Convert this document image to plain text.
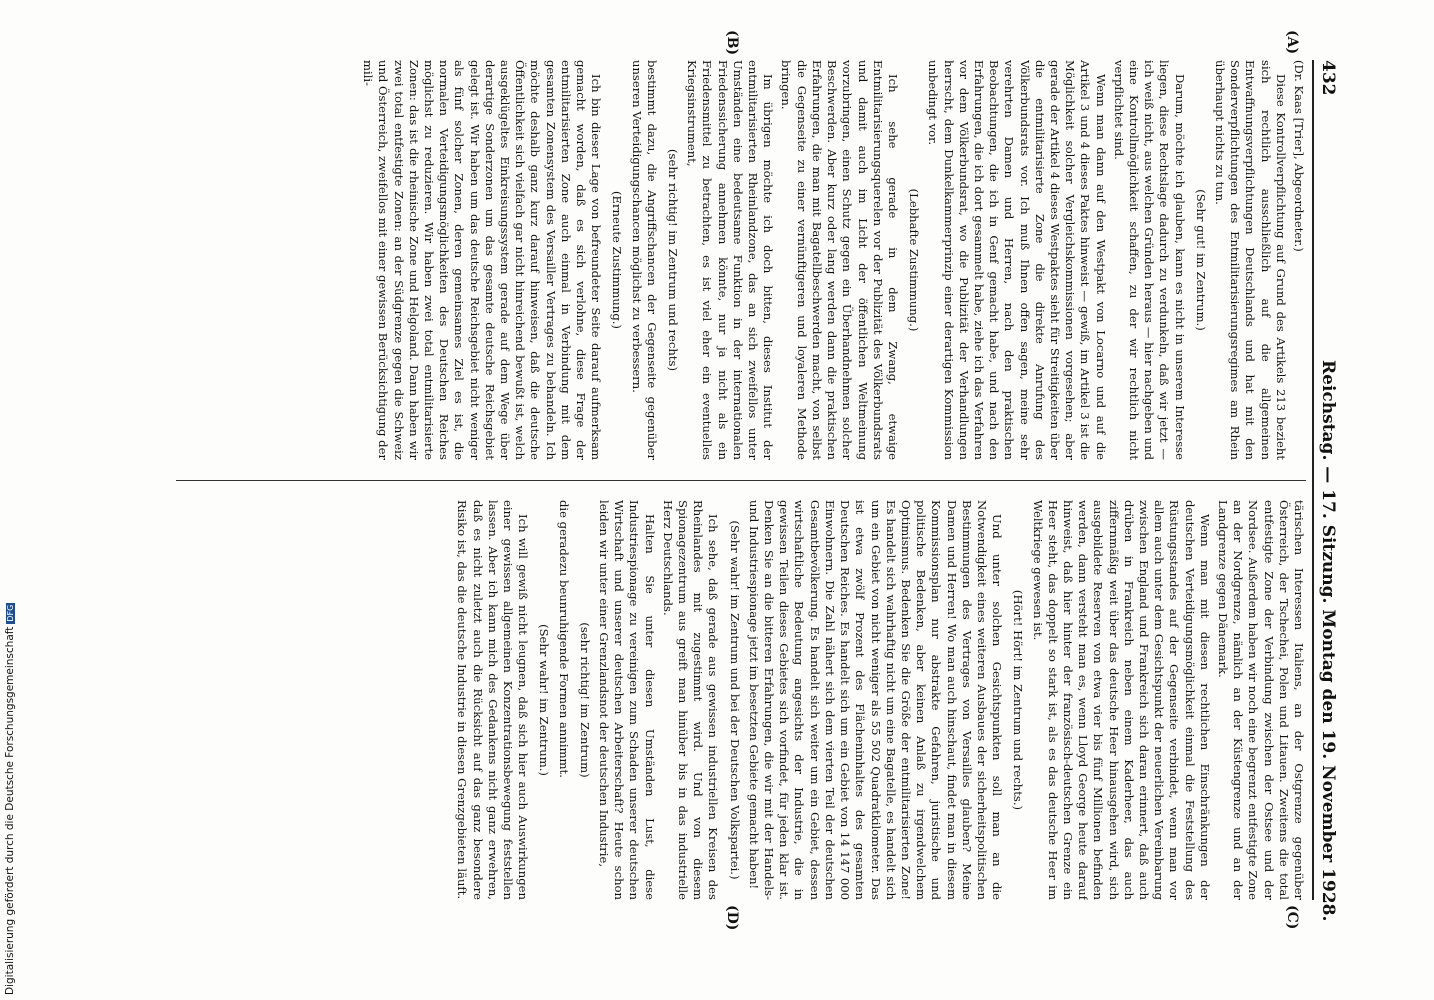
432
Reichstag. — 17. Sitzung. Montag den 19. November 1928.
(A)
(B)
(C)
(D)

(Dr. Kaas [Trier], Abgeordneter.)

Diese Kontrollverpflichtung auf Grund des Artikels 213 bezieht sich rechtlich ausschließlich auf die allgemeinen Entwaffnungsverpflichtungen Deutschlands und hat mit den Sonderverpflichtungen des Entmilitarisierungsregimes am Rhein überhaupt nichts zu tun.

(Sehr gut! im Zentrum.)

Darum, möchte ich glauben, kann es nicht in unserem Interesse liegen, diese Rechtslage dadurch zu verdunkeln, daß wir jetzt — ich weiß nicht, aus welchen Gründen heraus — hier nachgeben und eine Kontrollmöglichkeit schaffen, zu der wir rechtlich nicht verpflichtet sind.

Wenn man dann auf den Westpakt von Locarno und auf die Artikel 3 und 4 dieses Paktes hinweist — gewiß, im Artikel 3 ist die Möglichkeit solcher Vergleichskommissionen vorgesehen; aber gerade der Artikel 4 dieses Westpaktes sieht für Streitigkeiten über die entmilitarisierte Zone die direkte Anrufung des Völkerbundsrats vor. Ich muß Ihnen offen sagen, meine sehr verehrten Damen und Herren, nach den praktischen Beobachtungen, die ich in Genf gemacht habe, und nach den Erfahrungen, die ich dort gesammelt habe, ziehe ich das Verfahren vor dem Völkerbundsrat, wo die Publizität der Verhandlungen herrscht, dem Dunkelkammerprinzip einer derartigen Kommission unbedingt vor.

(Lebhafte Zustimmung.)

Ich sehe gerade in dem Zwang, etwaige Entmilitarisierungsquerelen vor der Publizität des Völkerbundsrats und damit auch im Licht der öffentlichen Weltmeinung vorzubringen, einen Schutz gegen ein Überhandnehmen solcher Beschwerden. Aber kurz oder lang werden dann die praktischen Erfahrungen, die man mit Bagatellbeschwerden macht, von selbst die Gegenseite zu einer vernünftigeren und loyaleren Methode bringen.

Im übrigen möchte ich doch bitten, dieses Institut der entmilitarisierten Rheinlandzone, das an sich zweifellos unter Umständen eine bedeutsame Funktion in der internationalen Friedenssicherung annehmen könnte, nur ja nicht als ein Friedensmittel zu betrachten, es ist viel eher ein eventuelles Kriegsinstrument,

(sehr richtig! im Zentrum und rechts)

bestimmt dazu, die Angriffschancen der Gegenseite gegenüber unseren Verteidigungschancen möglichst zu verbessern.

(Erneute Zustimmung.)

Ich bin dieser Lage von befreundeter Seite darauf aufmerksam gemacht worden, daß es sich verlohne, diese Frage der entmilitarisierten Zone auch einmal in Verbindung mit dem gesamten Zonensystem des Versailler Vertrages zu behandeln. Ich möchte deshalb ganz kurz darauf hinweisen, daß die deutsche Öffentlichkeit sich vielfach gar nicht hinreichend bewußt ist, welch ausgeklügeltes Einkreisungssystem gerade auf dem Wege über derartige Sonderzonen um das gesamte deutsche Reichsgebiet gelegt ist. Wir haben um das deutsche Reichsgebiet nicht weniger als fünf solcher Zonen, deren gemeinsames Ziel es ist, die normalen Verteidigungsmöglichkeiten des Deutschen Reiches möglichst zu reduzieren. Wir haben zwei total entmilitarisierte Zonen: das ist die rheinische Zone und Helgoland. Dann haben wir zwei total entfestigte Zonen: an der Südgrenze gegen die Schweiz und Österreich, zweifellos mit einer gewissen Berücksichtigung der mili-

tärischen Interessen Italiens, an der Ostgrenze gegenüber Österreich, der Tschechei, Polen und Litauen. Zweitens die total entfestigte Zone der Verbindung zwischen der Ostsee und der Nordsee. Außerdem haben wir noch eine begrenzt entfestigte Zone an der Nordgrenze, nämlich an der Küstengrenze und an der Landgrenze gegen Dänemark.

Wenn man mit diesen rechtlichen Einschränkungen der deutschen Verteidigungsmöglichkeit einmal die Feststellung des Rüstungsstandes auf der Gegenseite verbindet, wenn man vor allem auch unter dem Gesichtspunkt der neuerlichen Vereinbarung zwischen England und Frankreich sich daran erinnert, daß auch drüben in Frankreich neben einem Kaderheer, das auch ziffernmäßig weit über das deutsche Heer hinausgehen wird, sich ausgebildete Reserven von etwa vier bis fünf Millionen befinden werden, dann versteht man es, wenn Lloyd George heute darauf hinweist, daß hier hinter der französisch-deutschen Grenze ein Heer steht, das doppelt so stark ist, als es das deutsche Heer im Weltkriege gewesen ist.

(Hört! Hört! im Zentrum und rechts.)

Und unter solchen Gesichtspunkten soll man an die Notwendigkeit eines weiteren Ausbaues der sicherheitspolitischen Bestimmungen des Vertrages von Versailles glauben? Meine Damen und Herren! Wo man auch hinschaut, findet man in diesem Kommissionsplan nur abstrakte Gefahren, juristische und politische Bedenken, aber keinen Anlaß zu irgendwelchem Optimismus. Bedenken Sie die Größe der entmilitarisierten Zone! Es handelt sich wahrhaftig nicht um eine Bagatelle, es handelt sich um ein Gebiet von nicht weniger als 55 502 Quadratkilometer. Das ist etwa zwölf Prozent des Flächeninhaltes des gesamten Deutschen Reiches. Es handelt sich um ein Gebiet von 14 147 000 Einwohnern. Die Zahl nähert sich dem vierten Teil der deutschen Gesamtbevölkerung. Es handelt sich weiter um ein Gebiet, dessen wirtschaftliche Bedeutung angesichts der Industrie, die in gewissen Teilen dieses Gebietes sich vorfindet, für jeden klar ist. Denken Sie an die bitteren Erfahrungen, die wir mit der Handels- und Industriespionage jetzt im besetzten Gebiete gemacht haben!

(Sehr wahr! im Zentrum und bei der Deutschen Volkspartei.)

Ich sehe, daß gerade aus gewissen industriellen Kreisen des Rheinlandes mit zugestimmt wird. Und von diesem Spionagezentrum aus greift man hinüber bis in das industrielle Herz Deutschlands.

Halten Sie unter diesen Umständen Lust, diese Industriespionage zu vereinigen zum Schaden unserer deutschen Wirtschaft und unserer deutschen Arbeiterschaft? Heute schon leiden wir unter einer Grenzlandsnot der deutschen Industrie,

(sehr richtig! im Zentrum)

die geradezu beunruhigende Formen annimmt.

(Sehr wahr! im Zentrum.)

Ich will gewiß nicht leugnen, daß sich hier auch Auswirkungen einer gewissen allgemeinen Konzentrationsbewegung feststellen lassen. Aber ich kann mich des Gedankens nicht ganz erwehren, daß es nicht zuletzt auch die Rücksicht auf das ganz besondere Risiko ist, das die deutsche Industrie in diesen Grenzgebieten läuft.

Digitalisierung gefördert durch die Deutsche ForschungsgemeinschaftDFG
